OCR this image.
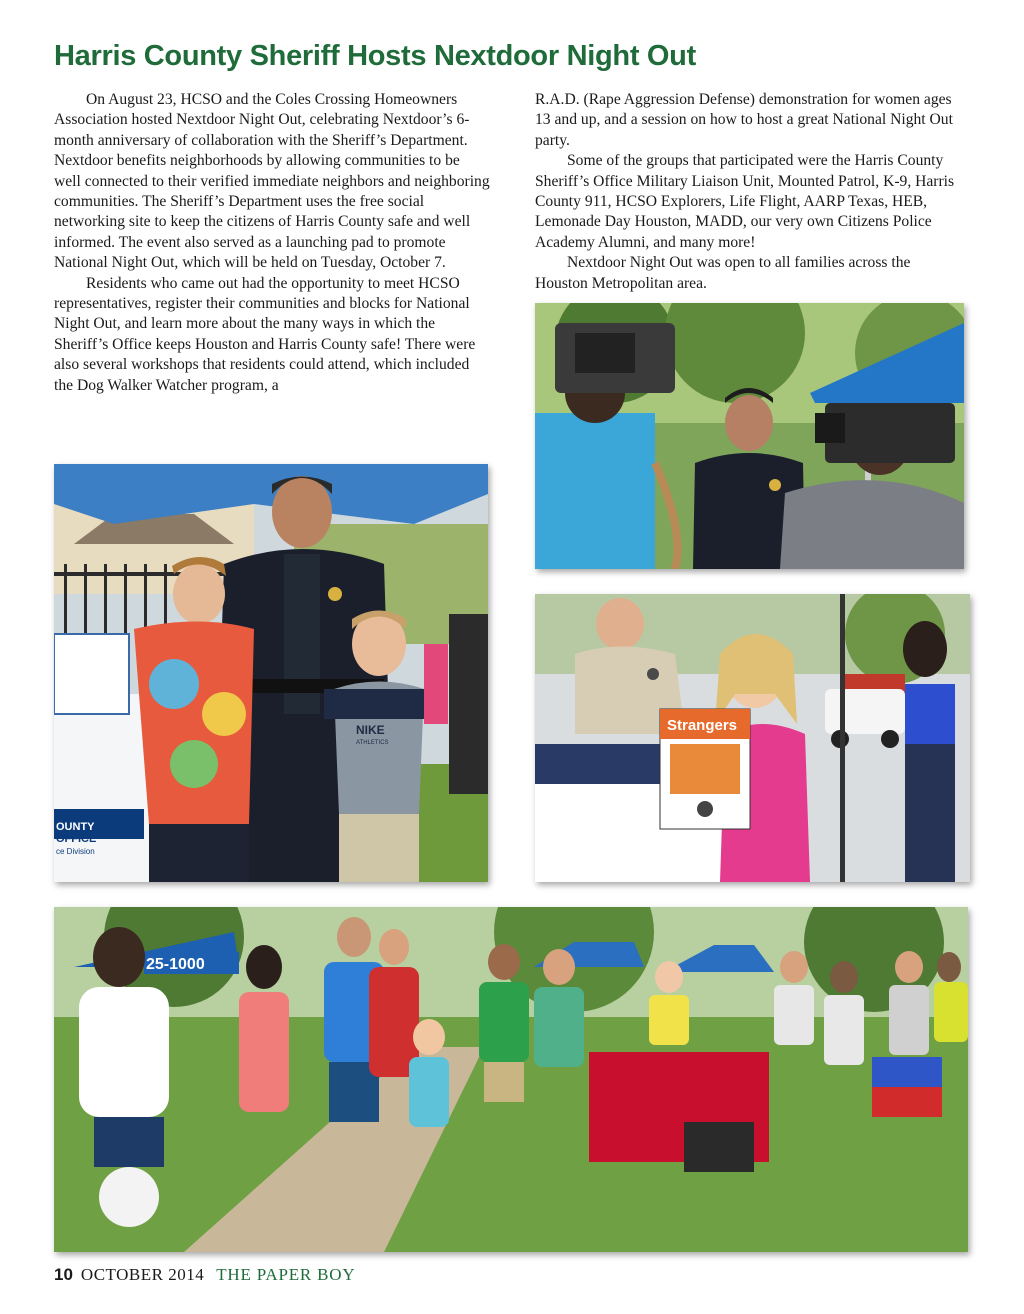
Harris County Sheriff Hosts Nextdoor Night Out

On August 23, HCSO and the Coles Crossing Homeowners Association hosted Nextdoor Night Out, celebrating Nextdoor’s 6-month anniversary of collaboration with the Sheriff’s Department. Nextdoor benefits neighborhoods by allowing communities to be well connected to their verified immediate neighbors and neighboring communities. The Sheriff’s Department uses the free social networking site to keep the citizens of Harris County safe and well informed. The event also served as a launching pad to promote National Night Out, which will be held on Tuesday, October 7.

Residents who came out had the opportunity to meet HCSO representatives, register their communities and blocks for National Night Out, and learn more about the many ways in which the Sheriff’s Office keeps Houston and Harris County safe! There were also several workshops that residents could attend, which included the Dog Walker Watcher program, a

R.A.D. (Rape Aggression Defense) demonstration for women ages 13 and up, and a session on how to host a great National Night Out party.

Some of the groups that participated were the Harris County Sheriff’s Office Military Liaison Unit, Mounted Patrol, K-9, Harris County 911, HCSO Explorers, Life Flight, AARP Texas, HEB, Lemonade Day Houston, MADD, our very own Citizens Police Academy Alumni, and many more!

Nextdoor Night Out was open to all families across the Houston Metropolitan area.

OUNTY
OFFICE
ce Division
NIKE
ATHLETICS
Strangers
25-1000
10 OCTOBER 2014 THE PAPER BOY
